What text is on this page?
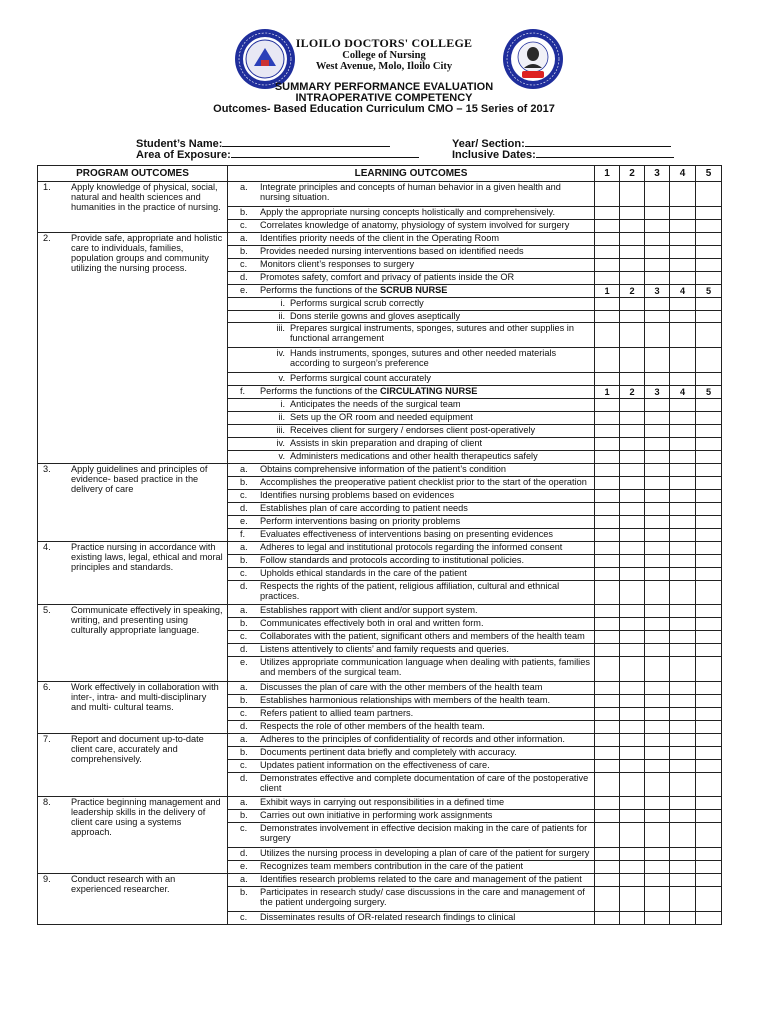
ILOILO DOCTORS' COLLEGE
College of Nursing
West Avenue, Molo, Iloilo City
SUMMARY PERFORMANCE EVALUATION
INTRAOPERATIVE COMPETENCY
Outcomes- Based Education Curriculum CMO – 15 Series of 2017
Student’s Name:	Year/ Section:
Area of Exposure:	Inclusive Dates:
PROGRAM OUTCOMES	LEARNING OUTCOMES	1	2	3	4	5

1. Apply knowledge of physical, social, natural and health sciences and humanities in the practice of nursing.	a. Integrate principles and concepts of human behavior in a given health and nursing situation.					

	b. Apply the appropriate nursing concepts holistically and comprehensively.					

	c. Correlates knowledge of anatomy, physiology of system involved for surgery					

2. Provide safe, appropriate and holistic care to individuals, families, population groups and community utilizing the nursing process.	a. Identifies priority needs of the client in the Operating Room					

	b. Provides needed nursing interventions based on identified needs					

	c. Monitors client’s responses to surgery					

	d. Promotes safety, comfort and privacy of patients inside the OR					

	e. Performs the functions of the SCRUB NURSE	1	2	3	4	5

	i. Performs surgical scrub correctly					

	ii. Dons sterile gowns and gloves aseptically					

	iii. Prepares surgical instruments, sponges, sutures and other supplies in functional arrangement					

	iv. Hands instruments, sponges, sutures and other needed materials according to surgeon’s preference					

	v. Performs surgical count accurately					

	f. Performs the functions of the CIRCULATING NURSE	1	2	3	4	5

	i. Anticipates the needs of the surgical team					

	ii. Sets up the OR room and needed equipment					

	iii. Receives client for surgery / endorses client post-operatively					

	iv. Assists in skin preparation and draping of client					

	v. Administers medications and other health therapeutics safely					

3. Apply guidelines and principles of evidence- based practice in the delivery of care	a. Obtains comprehensive information of the patient’s condition					

	b. Accomplishes the preoperative patient checklist prior to the start of the operation					

	c. Identifies nursing problems based on evidences					

	d. Establishes plan of care according to patient needs					

	e. Perform interventions basing on priority problems					

	f. Evaluates effectiveness of interventions basing on presenting evidences					

4. Practice nursing in accordance with existing laws, legal, ethical and moral principles and standards.	a. Adheres to legal and institutional protocols regarding the informed consent					

	b. Follow standards and protocols according to institutional policies.					

	c. Upholds ethical standards in the care of the patient					

	d. Respects the rights of the patient, religious affiliation, cultural and ethnical practices.					

5. Communicate effectively in speaking, writing, and presenting using culturally appropriate language.	a. Establishes rapport with client and/or support system.					

	b. Communicates effectively both in oral and written form.					

	c. Collaborates with the patient, significant others and members of the health team					

	d. Listens attentively to clients’ and family requests and queries.					

	e. Utilizes appropriate communication language when dealing with patients, families and members of the surgical team.					

6. Work effectively in collaboration with inter-, intra- and multi-disciplinary and multi- cultural teams.	a. Discusses the plan of care with the other members of the health team					

	b. Establishes harmonious relationships with members of the health team.					

	c. Refers patient to allied team partners.					

	d. Respects the role of other members of the health team.					

7. Report and document up-to-date client care, accurately and comprehensively.	a. Adheres to the principles of confidentiality of records and other information.					

	b. Documents pertinent data briefly and completely with accuracy.					

	c. Updates patient information on the effectiveness of care.					

	d. Demonstrates effective and complete documentation of care of the postoperative client					

8. Practice beginning management and leadership skills in the delivery of client care using a systems approach.	a. Exhibit ways in carrying out responsibilities in a defined time					

	b. Carries out own initiative in performing work assignments					

	c. Demonstrates involvement in effective decision making in the care of patients for surgery					

	d. Utilizes the nursing process in developing a plan of care of the patient for surgery					

	e. Recognizes team members contribution in the care of the patient					

9. Conduct research with an experienced researcher.	a. Identifies research problems related to the care and management of the patient					

	b. Participates in research study/ case discussions in the care and management of the patient undergoing surgery.					

	c. Disseminates results of OR-related research findings to clinical					
